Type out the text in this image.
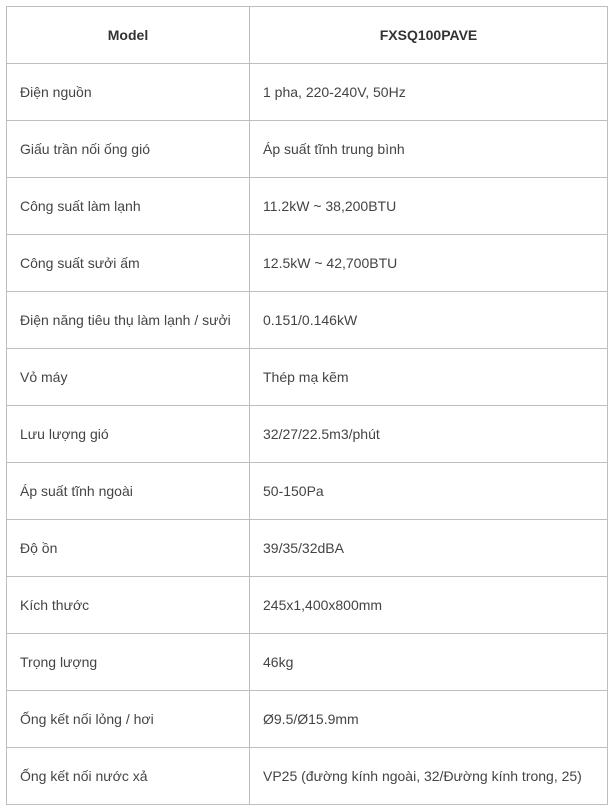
Model	FXSQ100PAVE
Điện nguồn	1 pha, 220-240V, 50Hz
Giấu trần nối ống gió	Áp suất tĩnh trung bình
Công suất làm lạnh	11.2kW ~ 38,200BTU
Công suất sưởi ấm	12.5kW ~ 42,700BTU
Điện năng tiêu thụ làm lạnh / sưởi	0.151/0.146kW
Vỏ máy	Thép mạ kẽm
Lưu lượng gió	32/27/22.5m3/phút
Áp suất tĩnh ngoài	50-150Pa
Độ ồn	39/35/32dBA
Kích thước	245x1,400x800mm
Trọng lượng	46kg
Ống kết nối lỏng / hơi	Ø9.5/Ø15.9mm
Ống kết nối nước xả	VP25 (đường kính ngoài, 32/Đường kính trong, 25)
